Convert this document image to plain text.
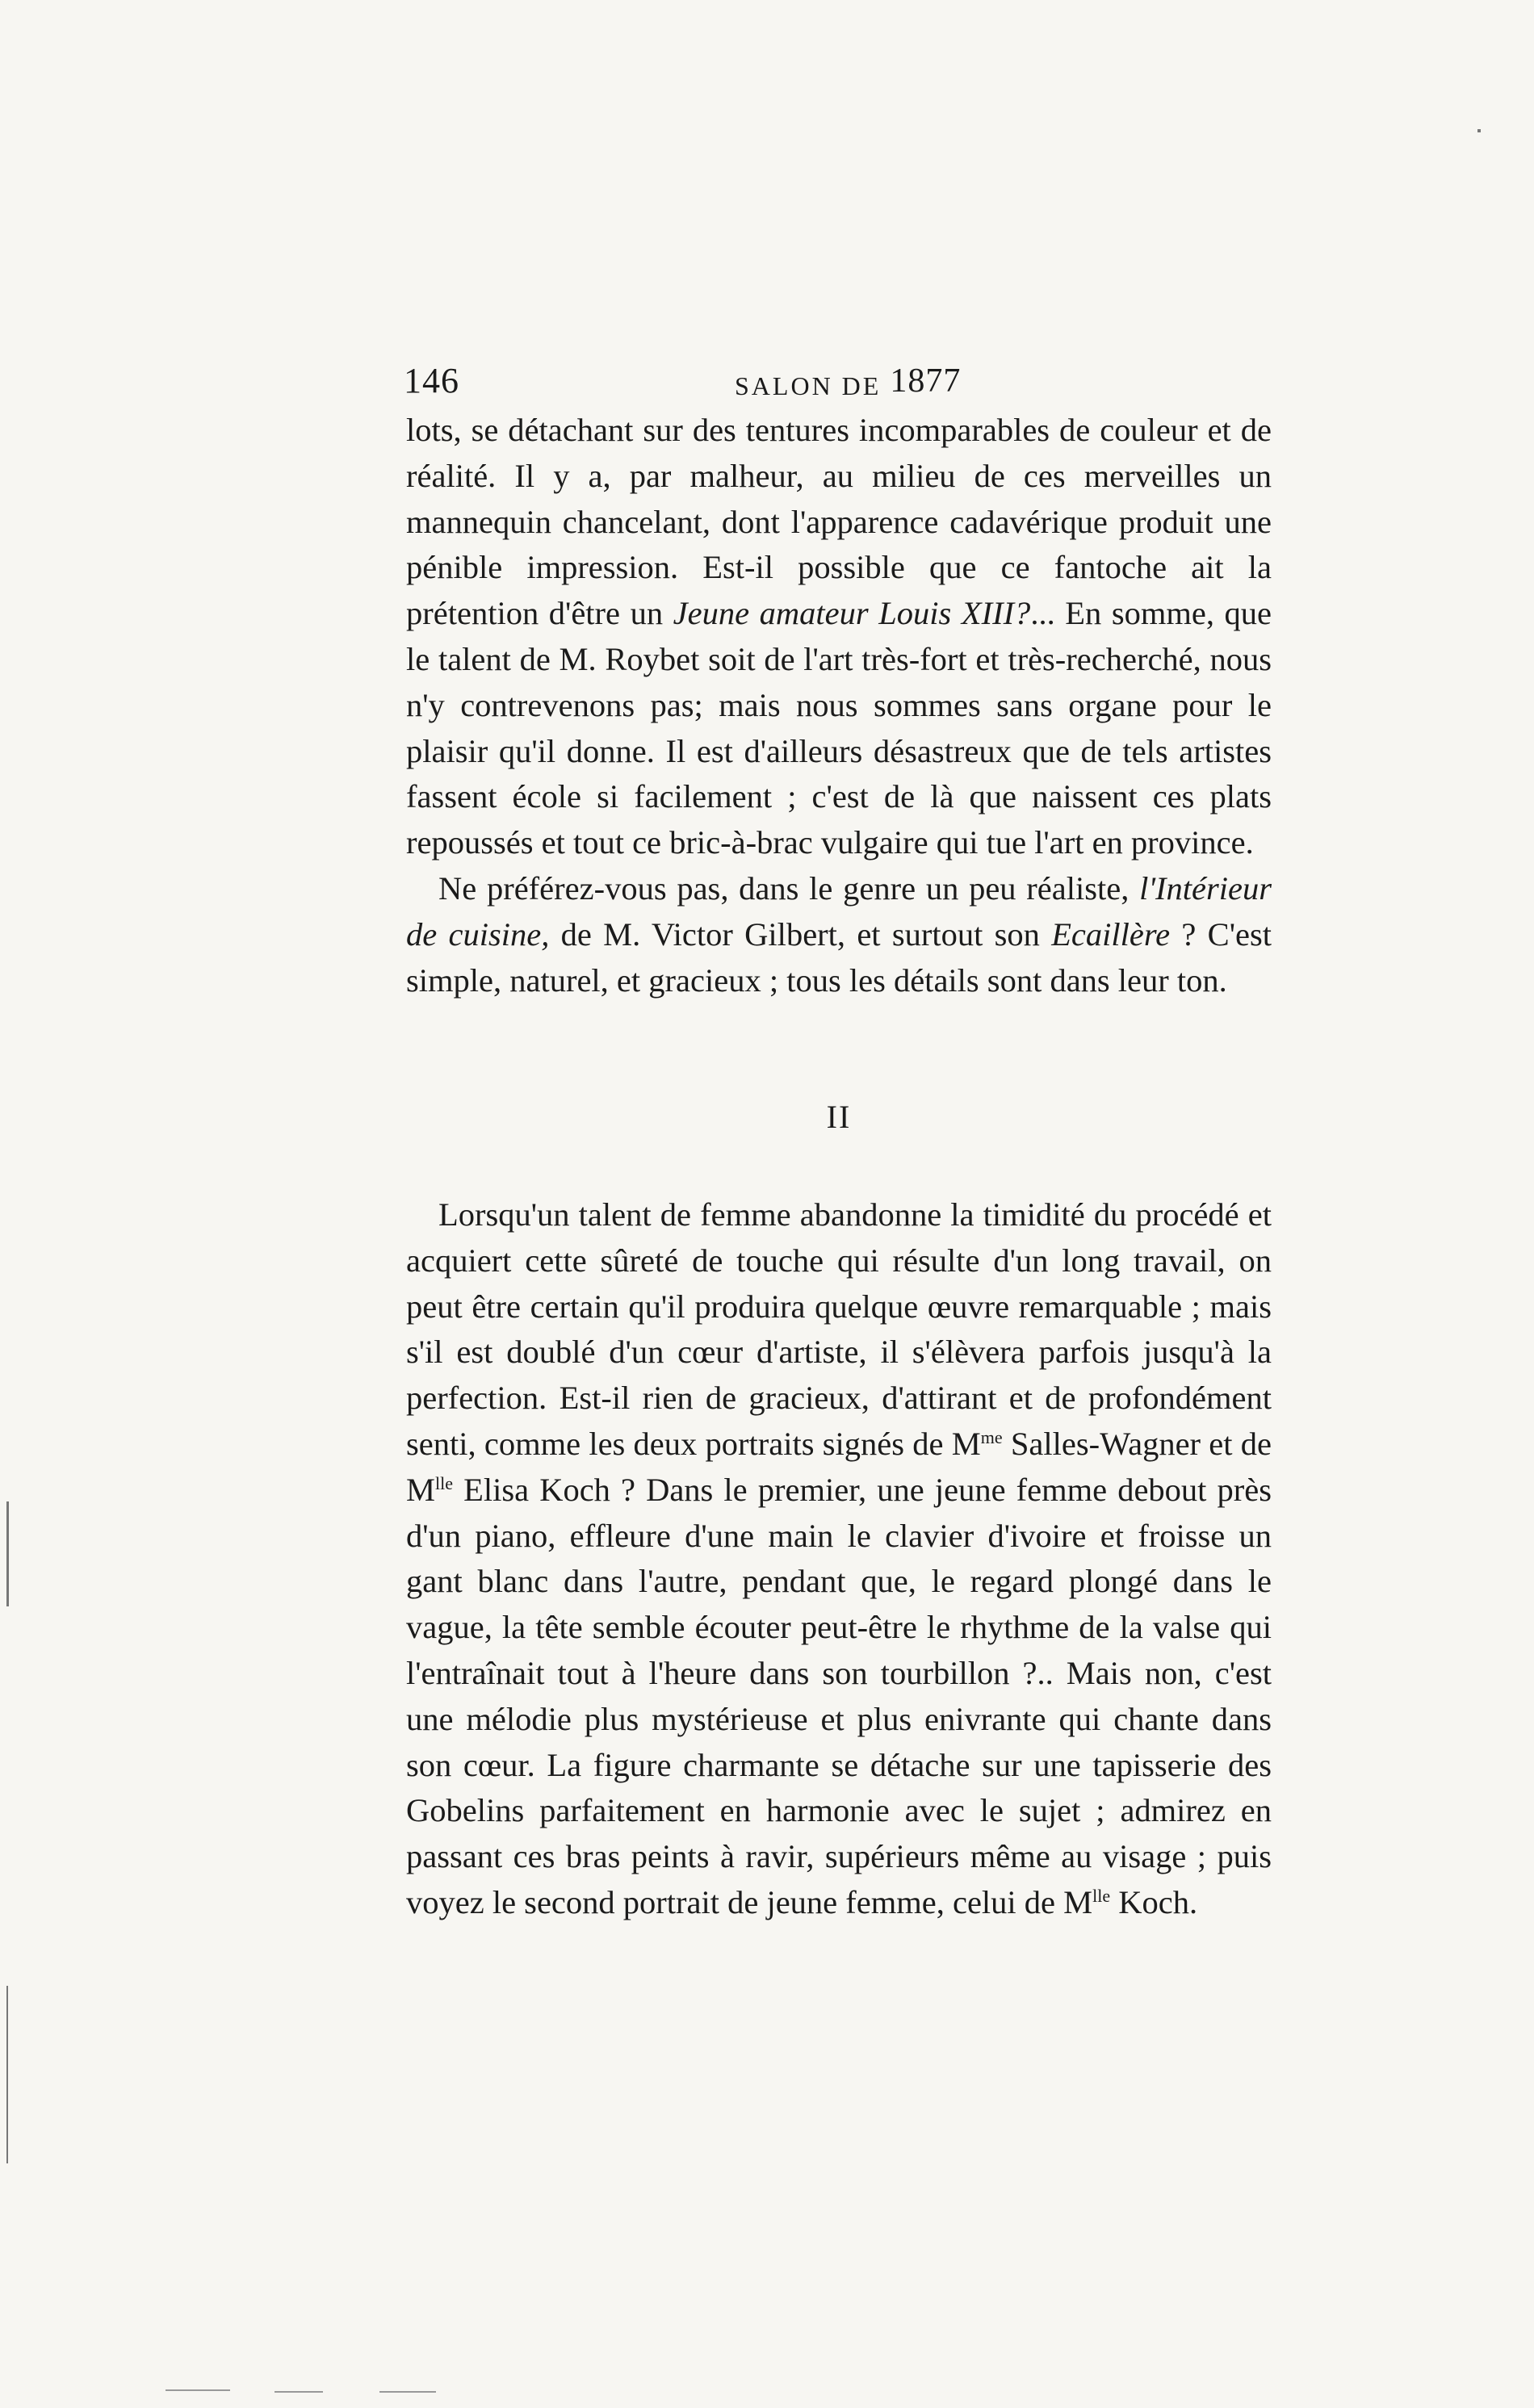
146	SALON DE 1877

lots, se détachant sur des tentures incomparables de couleur et de réalité. Il y a, par malheur, au milieu de ces merveilles un mannequin chancelant, dont l'apparence cadavérique produit une pénible impression. Est-il possible que ce fantoche ait la prétention d'être un Jeune amateur Louis XIII?... En somme, que le talent de M. Roybet soit de l'art très-fort et très-recherché, nous n'y contrevenons pas; mais nous sommes sans organe pour le plaisir qu'il donne. Il est d'ailleurs désastreux que de tels artistes fassent école si facilement ; c'est de là que naissent ces plats repoussés et tout ce bric-à-brac vulgaire qui tue l'art en province.

Ne préférez-vous pas, dans le genre un peu réaliste, l'Intérieur de cuisine, de M. Victor Gilbert, et surtout son Ecaillère ? C'est simple, naturel, et gracieux ; tous les détails sont dans leur ton.

II

Lorsqu'un talent de femme abandonne la timidité du procédé et acquiert cette sûreté de touche qui résulte d'un long travail, on peut être certain qu'il produira quelque œuvre remarquable ; mais s'il est doublé d'un cœur d'artiste, il s'élèvera parfois jusqu'à la perfection. Est-il rien de gracieux, d'attirant et de profondément senti, comme les deux portraits signés de $M^{me}$ Salles-Wagner et de $M^{lle}$ Elisa Koch ? Dans le premier, une jeune femme debout près d'un piano, effleure d'une main le clavier d'ivoire et froisse un gant blanc dans l'autre, pendant que, le regard plongé dans le vague, la tête semble écouter peut-être le rhythme de la valse qui l'entraînait tout à l'heure dans son tourbillon ?.. Mais non, c'est une mélodie plus mystérieuse et plus enivrante qui chante dans son cœur. La figure charmante se détache sur une tapisserie des Gobelins parfaitement en harmonie avec le sujet ; admirez en passant ces bras peints à ravir, supérieurs même au visage ; puis voyez le second portrait de jeune femme, celui de $M^{lle}$ Koch.
